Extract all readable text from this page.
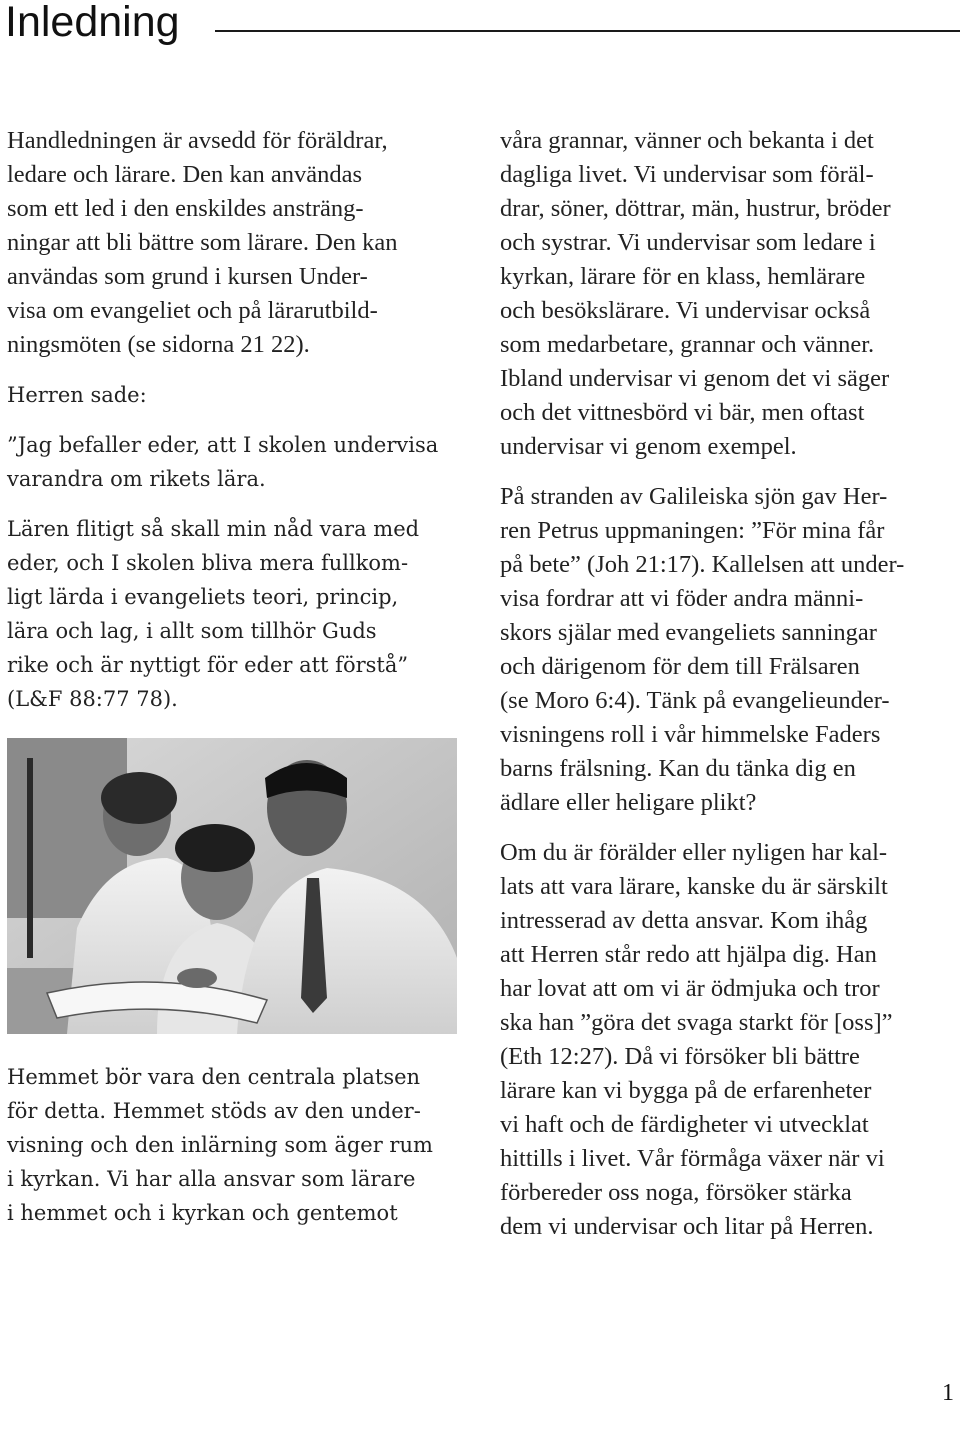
Inledning

Handledningen är avsedd för föräldrar,
ledare och lärare. Den kan användas
som ett led i den enskildes ansträng-
ningar att bli bättre som lärare. Den kan
användas som grund i kursen Under-
visa om evangeliet och på lärarutbild-
ningsmöten (se sidorna 21 22).

Herren sade:

”Jag befaller eder, att I skolen undervisa
varandra om rikets lära.

Lären flitigt så skall min nåd vara med
eder, och I skolen bliva mera fullkom-
ligt lärda i evangeliets teori, princip,
lära och lag, i allt som tillhör Guds
rike och är nyttigt för eder att förstå”
(L&F 88:77 78).

Hemmet bör vara den centrala platsen
för detta. Hemmet stöds av den under-
visning och den inlärning som äger rum
i kyrkan. Vi har alla ansvar som lärare
i hemmet och i kyrkan och gentemot

våra grannar, vänner och bekanta i det
dagliga livet. Vi undervisar som föräl-
drar, söner, döttrar, män, hustrur, bröder
och systrar. Vi undervisar som ledare i
kyrkan, lärare för en klass, hemlärare
och besökslärare. Vi undervisar också
som medarbetare, grannar och vänner.
Ibland undervisar vi genom det vi säger
och det vittnesbörd vi bär, men oftast
undervisar vi genom exempel.

På stranden av Galileiska sjön gav Her-
ren Petrus uppmaningen: ”För mina får
på bete” (Joh 21:17). Kallelsen att under-
visa fordrar att vi föder andra männi-
skors själar med evangeliets sanningar
och därigenom för dem till Frälsaren
(se Moro 6:4). Tänk på evangelieunder-
visningens roll i vår himmelske Faders
barns frälsning. Kan du tänka dig en
ädlare eller heligare plikt?

Om du är förälder eller nyligen har kal-
lats att vara lärare, kanske du är särskilt
intresserad av detta ansvar. Kom ihåg
att Herren står redo att hjälpa dig. Han
har lovat att om vi är ödmjuka och tror
ska han ”göra det svaga starkt för [oss]”
(Eth 12:27). Då vi försöker bli bättre
lärare kan vi bygga på de erfarenheter
vi haft och de färdigheter vi utvecklat
hittills i livet. Vår förmåga växer när vi
förbereder oss noga, försöker stärka
dem vi undervisar och litar på Herren.

1
